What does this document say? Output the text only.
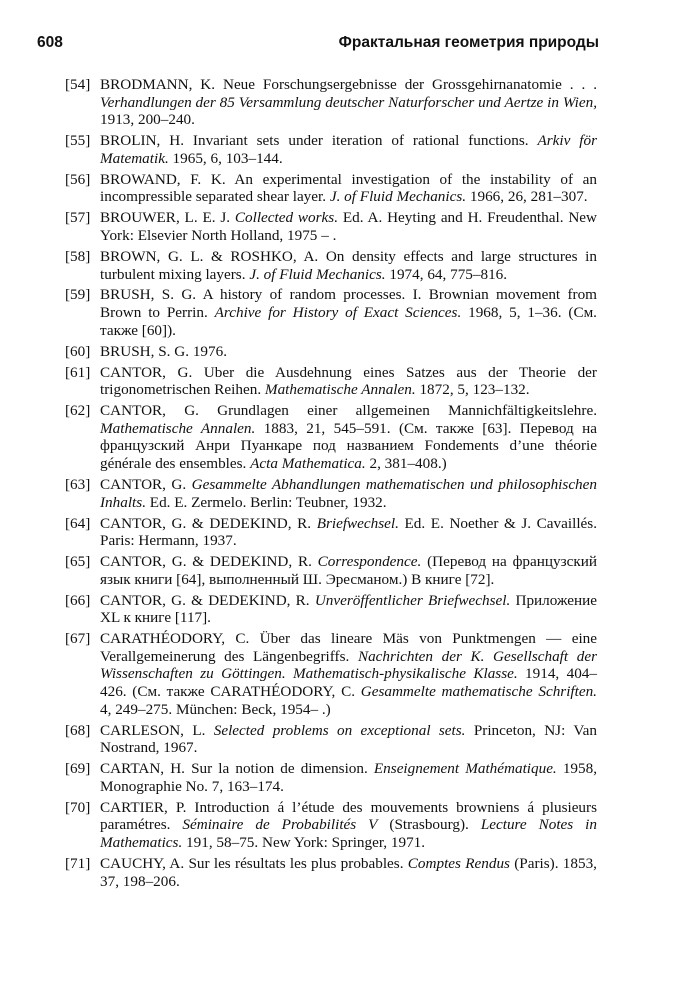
608	Фрактальная геометрия природы
[54] BRODMANN, K. Neue Forschungsergebnisse der Grossgehirnanatomie . . . Verhandlungen der 85 Versammlung deutscher Naturforscher und Aertze in Wien, 1913, 200–240.
[55] BROLIN, H. Invariant sets under iteration of rational functions. Arkiv för Matematik. 1965, 6, 103–144.
[56] BROWAND, F. K. An experimental investigation of the instability of an incompressible separated shear layer. J. of Fluid Mechanics. 1966, 26, 281–307.
[57] BROUWER, L. E. J. Collected works. Ed. A. Heyting and H. Freudenthal. New York: Elsevier North Holland, 1975 – .
[58] BROWN, G. L. & ROSHKO, A. On density effects and large structures in turbulent mixing layers. J. of Fluid Mechanics. 1974, 64, 775–816.
[59] BRUSH, S. G. A history of random processes. I. Brownian movement from Brown to Perrin. Archive for History of Exact Sciences. 1968, 5, 1–36. (См. также [60]).
[60] BRUSH, S. G. 1976.
[61] CANTOR, G. Uber die Ausdehnung eines Satzes aus der Theorie der trigonometrischen Reihen. Mathematische Annalen. 1872, 5, 123–132.
[62] CANTOR, G. Grundlagen einer allgemeinen Mannichfältigkeitslehre. Mathematische Annalen. 1883, 21, 545–591. (См. также [63]. Перевод на французский Анри Пуанкаре под названием Fondements d’une théorie générale des ensembles. Acta Mathematica. 2, 381–408.)
[63] CANTOR, G. Gesammelte Abhandlungen mathematischen und philosophischen Inhalts. Ed. E. Zermelo. Berlin: Teubner, 1932.
[64] CANTOR, G. & DEDEKIND, R. Briefwechsel. Ed. E. Noether & J. Cavaillés. Paris: Hermann, 1937.
[65] CANTOR, G. & DEDEKIND, R. Correspondence. (Перевод на французский язык книги [64], выполненный Ш. Эресманом.) В книге [72].
[66] CANTOR, G. & DEDEKIND, R. Unveröffentlicher Briefwechsel. Приложение XL к книге [117].
[67] CARATHÉODORY, C. Über das lineare Mäs von Punktmengen — eine Verallgemeinerung des Längenbegriffs. Nachrichten der K. Gesellschaft der Wissenschaften zu Göttingen. Mathematisch-physikalische Klasse. 1914, 404–426. (См. также CARATHÉODORY, C. Gesammelte mathematische Schriften. 4, 249–275. München: Beck, 1954– .)
[68] CARLESON, L. Selected problems on exceptional sets. Princeton, NJ: Van Nostrand, 1967.
[69] CARTAN, H. Sur la notion de dimension. Enseignement Mathématique. 1958, Monographie No. 7, 163–174.
[70] CARTIER, P. Introduction á l’étude des mouvements browniens á plusieurs paramétres. Séminaire de Probabilités V (Strasbourg). Lecture Notes in Mathematics. 191, 58–75. New York: Springer, 1971.
[71] CAUCHY, A. Sur les résultats les plus probables. Comptes Rendus (Paris). 1853, 37, 198–206.
